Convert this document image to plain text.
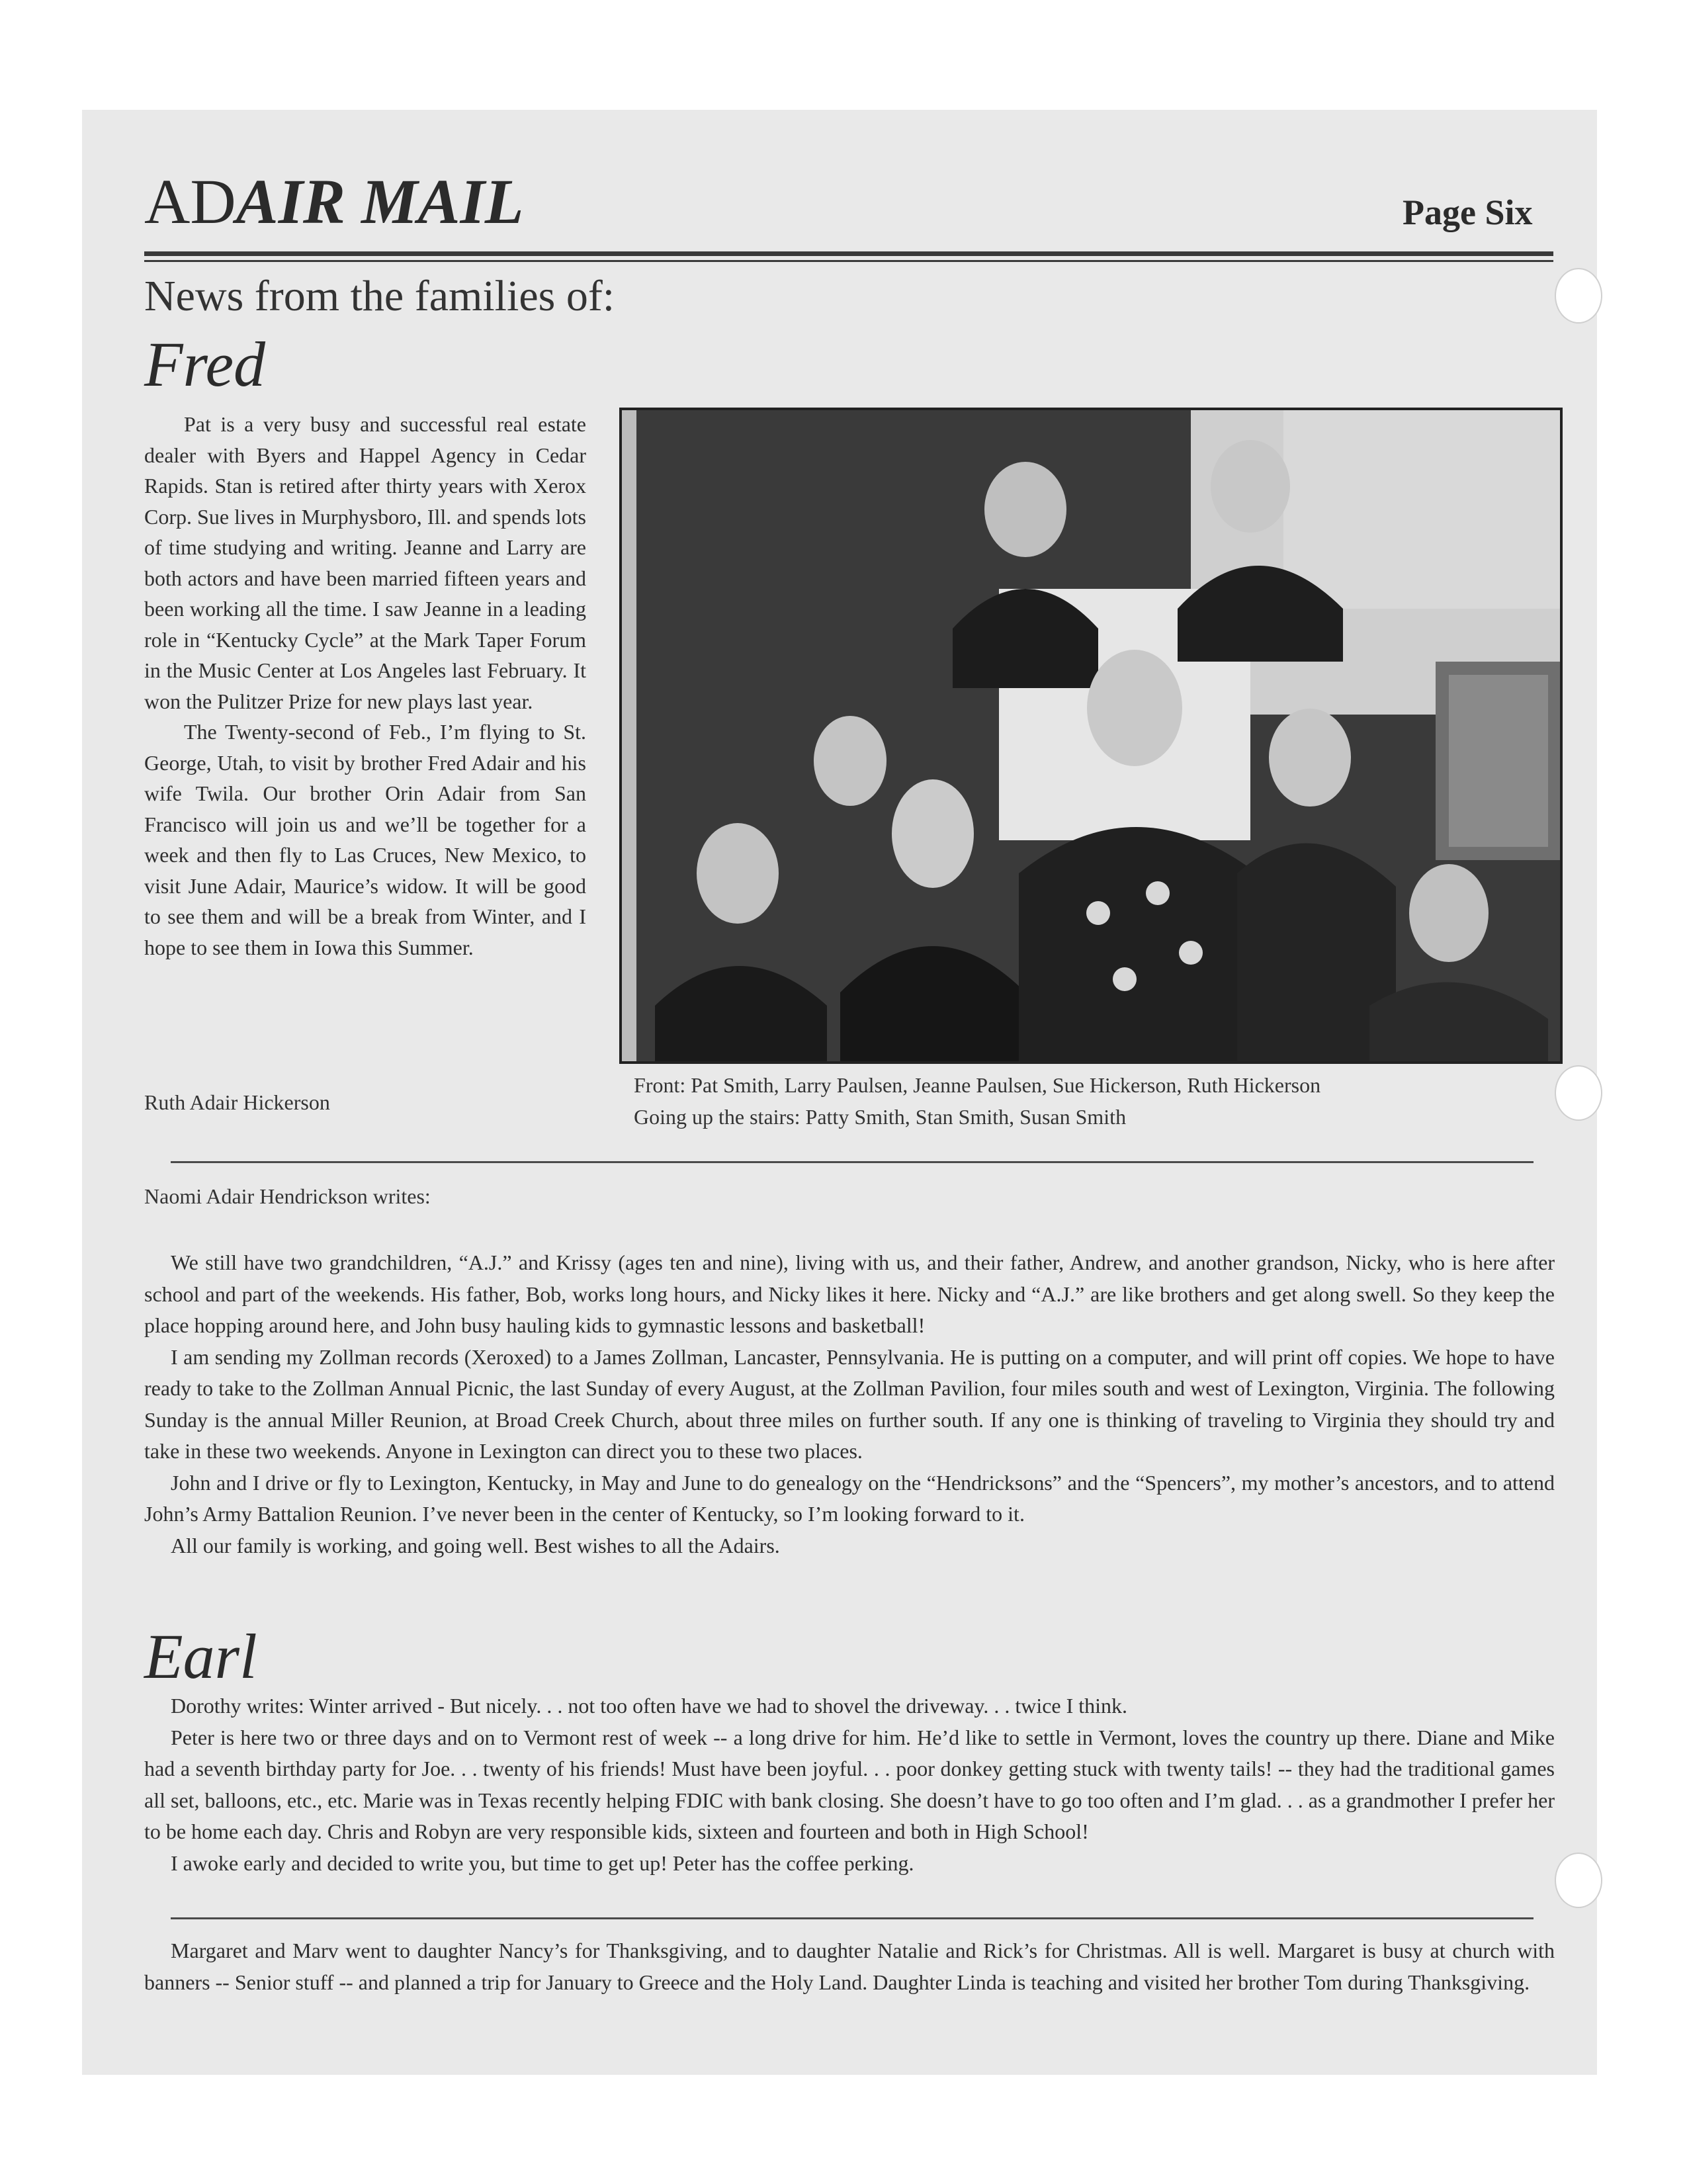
ADAIR MAIL	Page Six
News from the families of:
Fred

Pat is a very busy and successful real estate dealer with Byers and Happel Agency in Cedar Rapids. Stan is retired after thirty years with Xerox Corp. Sue lives in Murphysboro, Ill. and spends lots of time studying and writing. Jeanne and Larry are both actors and have been married fifteen years and been working all the time. I saw Jeanne in a leading role in “Kentucky Cycle” at the Mark Taper Forum in the Music Center at Los Angeles last February. It won the Pulitzer Prize for new plays last year.

The Twenty-second of Feb., I’m flying to St. George, Utah, to visit by brother Fred Adair and his wife Twila. Our brother Orin Adair from San Francisco will join us and we’ll be together for a week and then fly to Las Cruces, New Mexico, to visit June Adair, Maurice’s widow. It will be good to see them and will be a break from Winter, and I hope to see them in Iowa this Summer.

Ruth Adair Hickerson
Front: Pat Smith, Larry Paulsen, Jeanne Paulsen, Sue Hickerson, Ruth Hickerson
Going up the stairs: Patty Smith, Stan Smith, Susan Smith
Naomi Adair Hendrickson writes:

We still have two grandchildren, “A.J.” and Krissy (ages ten and nine), living with us, and their father, Andrew, and another grandson, Nicky, who is here after school and part of the weekends. His father, Bob, works long hours, and Nicky likes it here. Nicky and “A.J.” are like brothers and get along swell. So they keep the place hopping around here, and John busy hauling kids to gymnastic lessons and basketball!

I am sending my Zollman records (Xeroxed) to a James Zollman, Lancaster, Pennsylvania. He is putting on a computer, and will print off copies. We hope to have ready to take to the Zollman Annual Picnic, the last Sunday of every August, at the Zollman Pavilion, four miles south and west of Lexington, Virginia. The following Sunday is the annual Miller Reunion, at Broad Creek Church, about three miles on further south. If any one is thinking of traveling to Virginia they should try and take in these two weekends. Anyone in Lexington can direct you to these two places.

John and I drive or fly to Lexington, Kentucky, in May and June to do genealogy on the “Hendricksons” and the “Spencers”, my mother’s ancestors, and to attend John’s Army Battalion Reunion. I’ve never been in the center of Kentucky, so I’m looking forward to it.

All our family is working, and going well. Best wishes to all the Adairs.

Earl

Dorothy writes: Winter arrived - But nicely. . . not too often have we had to shovel the driveway. . . twice I think.

Peter is here two or three days and on to Vermont rest of week -- a long drive for him. He’d like to settle in Vermont, loves the country up there. Diane and Mike had a seventh birthday party for Joe. . . twenty of his friends! Must have been joyful. . . poor donkey getting stuck with twenty tails! -- they had the traditional games all set, balloons, etc., etc. Marie was in Texas recently helping FDIC with bank closing. She doesn’t have to go too often and I’m glad. . . as a grandmother I prefer her to be home each day. Chris and Robyn are very responsible kids, sixteen and fourteen and both in High School!

I awoke early and decided to write you, but time to get up! Peter has the coffee perking.

Margaret and Marv went to daughter Nancy’s for Thanksgiving, and to daughter Natalie and Rick’s for Christmas. All is well. Margaret is busy at church with banners -- Senior stuff -- and planned a trip for January to Greece and the Holy Land. Daughter Linda is teaching and visited her brother Tom during Thanksgiving.
